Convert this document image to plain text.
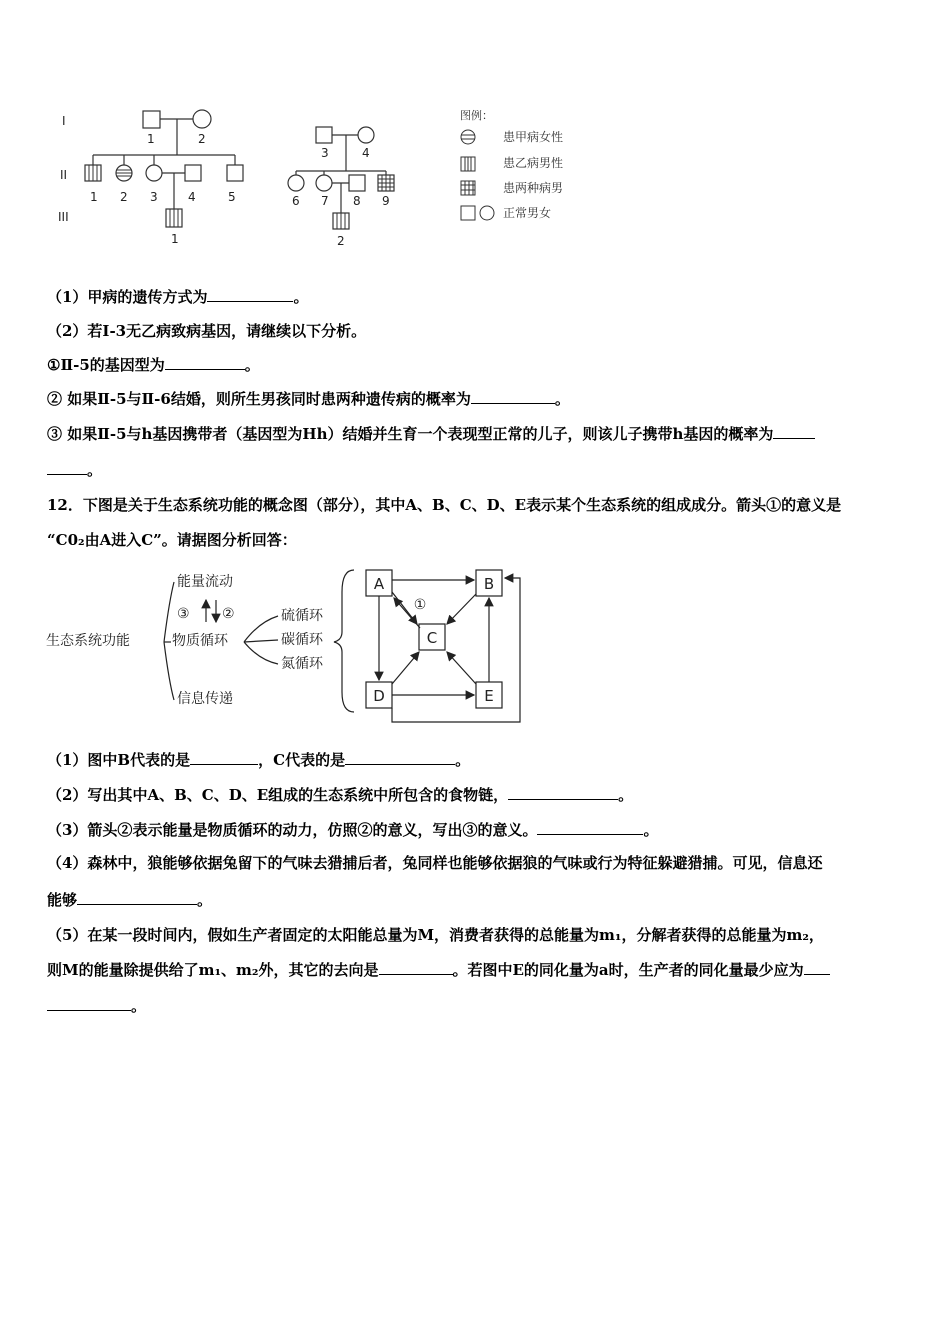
I
II
III
1	2
1 2 3	4	5
1
3	4
6 7 8 9
2
图例：
患甲病女性
患乙病男性
患两种病男
正常男女
（1）甲病的遗传方式为	。
（2）若I-3无乙病致病基因，请继续以下分析。
①Ⅱ-5的基因型为	。
② 如果Ⅱ-5与Ⅱ-6结婚，则所生男孩同时患两种遗传病的概率为	。
③ 如果Ⅱ-5与h基因携带者（基因型为Hh）结婚并生育一个表现型正常的儿子，则该儿子携带h基因的概率为
。
12．下图是关于生态系统功能的概念图（部分），其中A、B、C、D、E表示某个生态系统的组成成分。箭头①的意义是
“C0₂由A进入C”。请据图分析回答：
生态系统功能
能量流动
物质循环
信息传递
③ ②	硫循环
碳循环
氮循环
A	B
C
D	E
①
（1）图中B代表的是	，C代表的是	。
（2）写出其中A、B、C、D、E组成的生态系统中所包含的食物链，	。
（3）箭头②表示能量是物质循环的动力，仿照②的意义，写出③的意义。	。
（4）森林中，狼能够依据兔留下的气味去猎捕后者，兔同样也能够依据狼的气味或行为特征躲避猎捕。可见，信息还
能够	。
（5）在某一段时间内，假如生产者固定的太阳能总量为M，消费者获得的总能量为m₁，分解者获得的总能量为m₂，
则M的能量除提供给了m₁、m₂外，其它的去向是	。若图中E的同化量为a时，生产者的同化量最少应为
。
